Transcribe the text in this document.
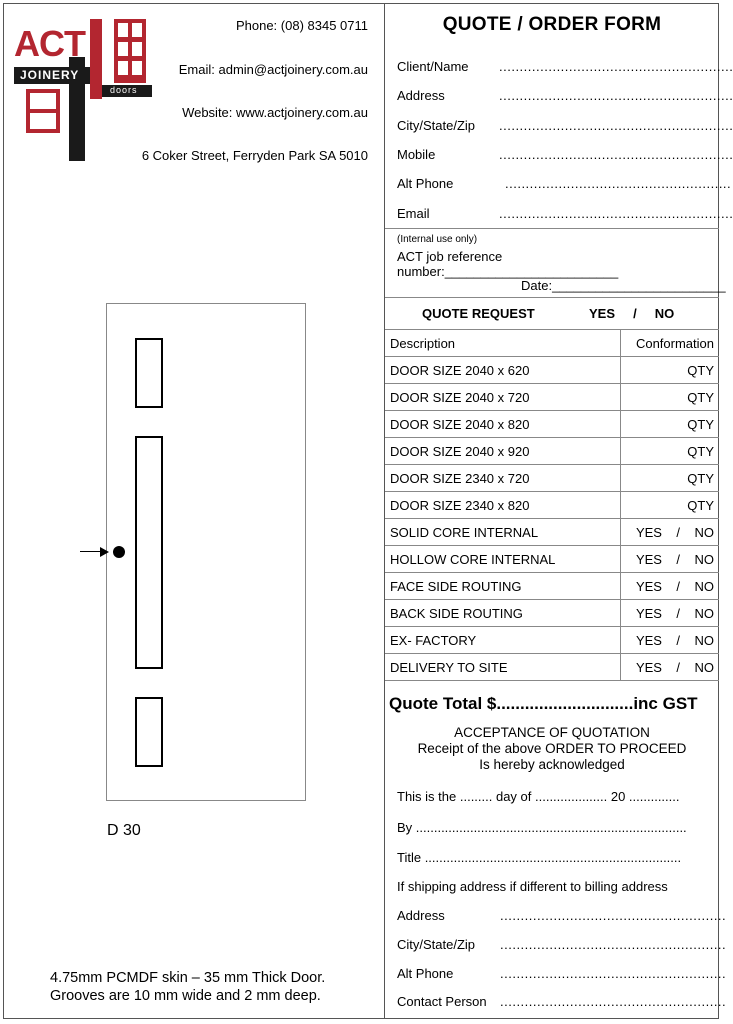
ACT
JOINERY
doors
windows
Phone: (08) 8345 0711
Email: admin@actjoinery.com.au
Website: www.actjoinery.com.au
6 Coker Street, Ferryden Park SA 5010
D 30
4.75mm PCMDF skin – 35 mm Thick Door.
Grooves are 10 mm wide and 2 mm deep.
QUOTE / ORDER FORM
Client/Name .........................................................
Address	.........................................................
City/State/Zip .........................................................
Mobile	.........................................................
Alt Phone	.......................................................
Email	.........................................................
(Internal use only)
ACT job reference number:________________________
Date:________________________
QUOTE REQUEST	YES     /     NO
Description	Conformation
DOOR SIZE 2040 x 620	QTY
DOOR SIZE 2040 x 720	QTY
DOOR SIZE 2040 x 820	QTY
DOOR SIZE 2040 x 920	QTY
DOOR SIZE 2340 x 720	QTY
DOOR SIZE 2340 x 820	QTY
SOLID CORE INTERNAL	YES    /    NO
HOLLOW CORE INTERNAL	YES    /    NO
FACE SIDE ROUTING	YES    /    NO
BACK SIDE ROUTING	YES    /    NO
EX- FACTORY	YES    /    NO
DELIVERY TO SITE	YES    /    NO
Quote Total $.............................inc GST
ACCEPTANCE OF QUOTATION
Receipt of the above ORDER TO PROCEED
Is hereby acknowledged
This is the ......... day of .................... 20 ..............
By ...........................................................................
Title .......................................................................
If shipping address if different to billing address
Address	.......................................................
City/State/Zip .......................................................
Alt Phone	.......................................................
Contact Person .......................................................
